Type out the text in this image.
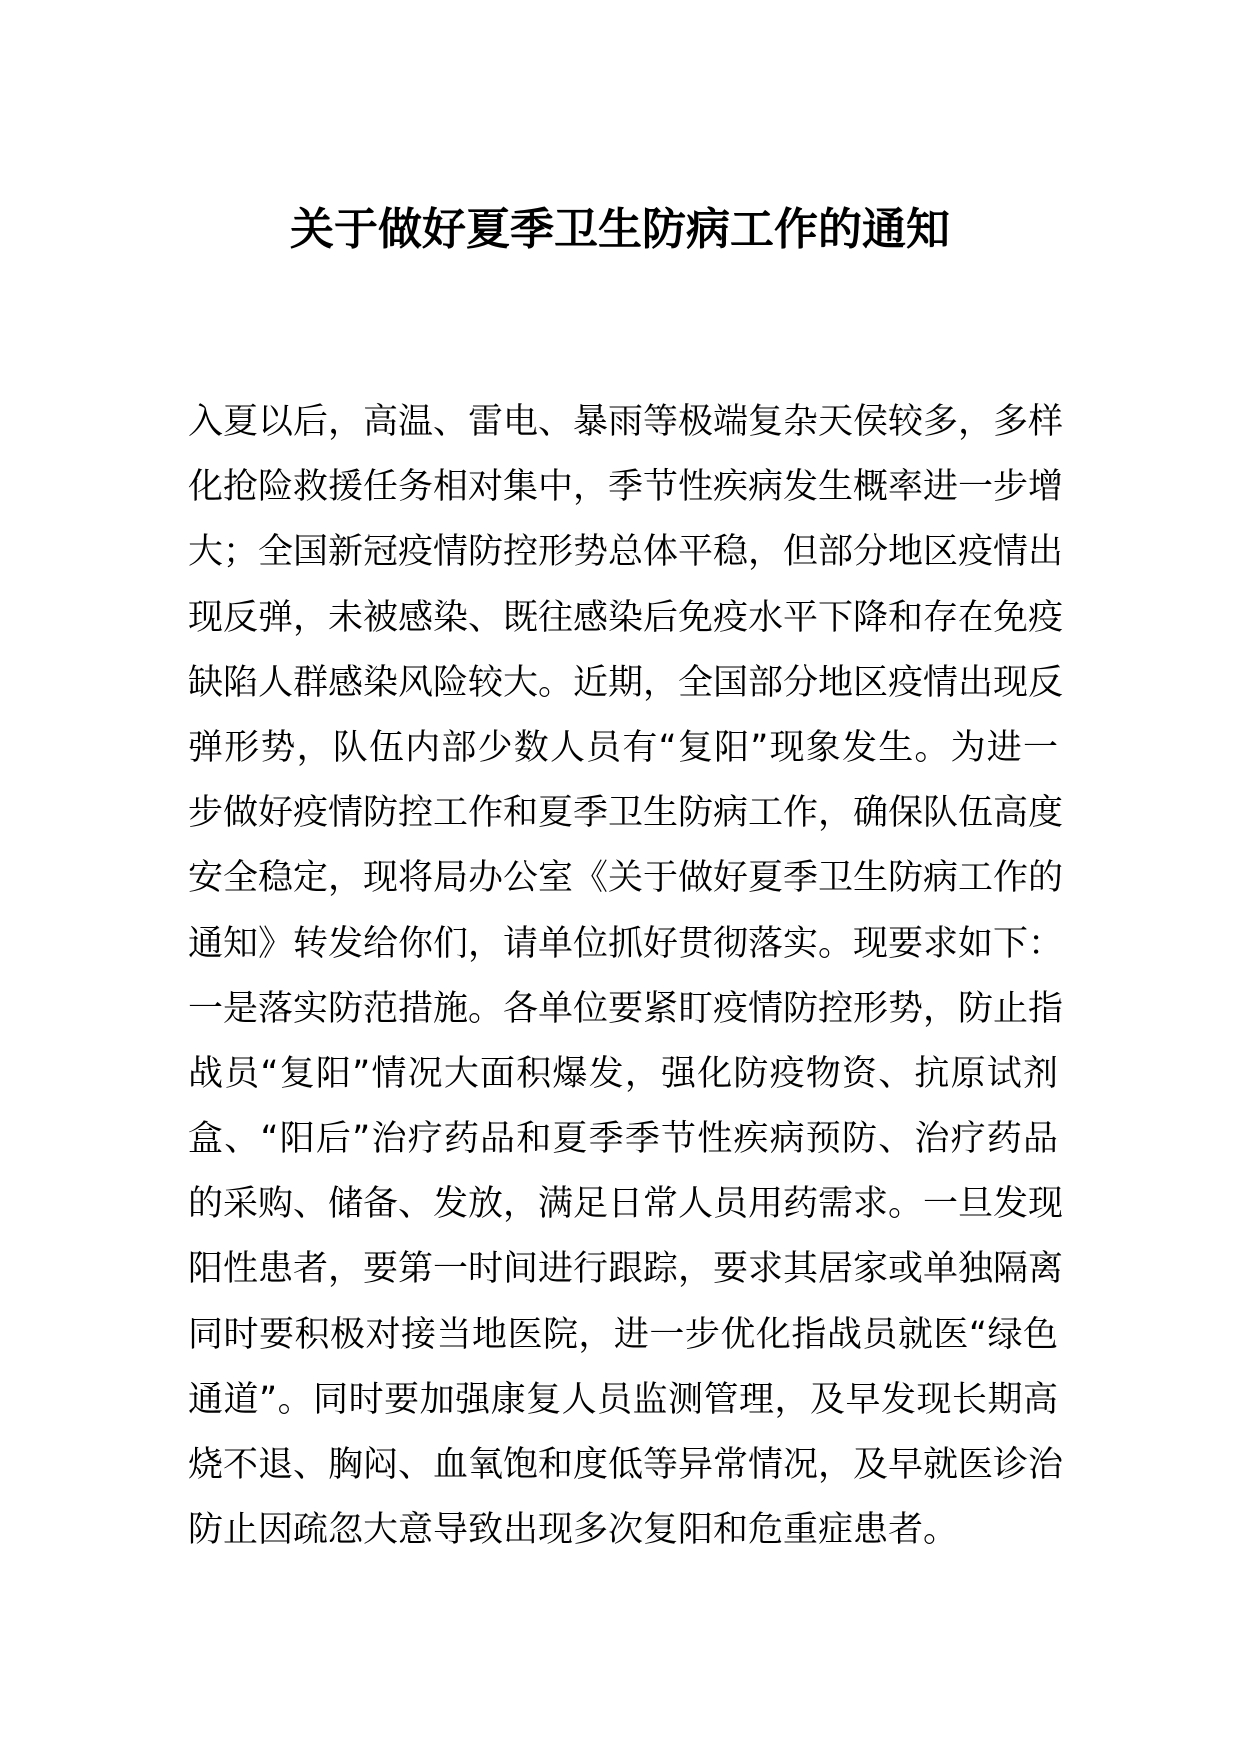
关于做好夏季卫生防病工作的通知
入夏以后，高温、雷电、暴雨等极端复杂天侯较多，多样
化抢险救援任务相对集中，季节性疾病发生概率进一步增
大；全国新冠疫情防控形势总体平稳，但部分地区疫情出
现反弹，未被感染、既往感染后免疫水平下降和存在免疫
缺陷人群感染风险较大。近期，全国部分地区疫情出现反
弹形势，队伍内部少数人员有“复阳”现象发生。为进一
步做好疫情防控工作和夏季卫生防病工作，确保队伍高度
安全稳定，现将局办公室《关于做好夏季卫生防病工作的
通知》转发给你们，请单位抓好贯彻落实。现要求如下：
一是落实防范措施。各单位要紧盯疫情防控形势，防止指
战员“复阳”情况大面积爆发，强化防疫物资、抗原试剂
盒、“阳后”治疗药品和夏季季节性疾病预防、治疗药品
的采购、储备、发放，满足日常人员用药需求。一旦发现
阳性患者，要第一时间进行跟踪，要求其居家或单独隔离
同时要积极对接当地医院，进一步优化指战员就医“绿色
通道”。同时要加强康复人员监测管理，及早发现长期高
烧不退、胸闷、血氧饱和度低等异常情况，及早就医诊治
防止因疏忽大意导致出现多次复阳和危重症患者。
